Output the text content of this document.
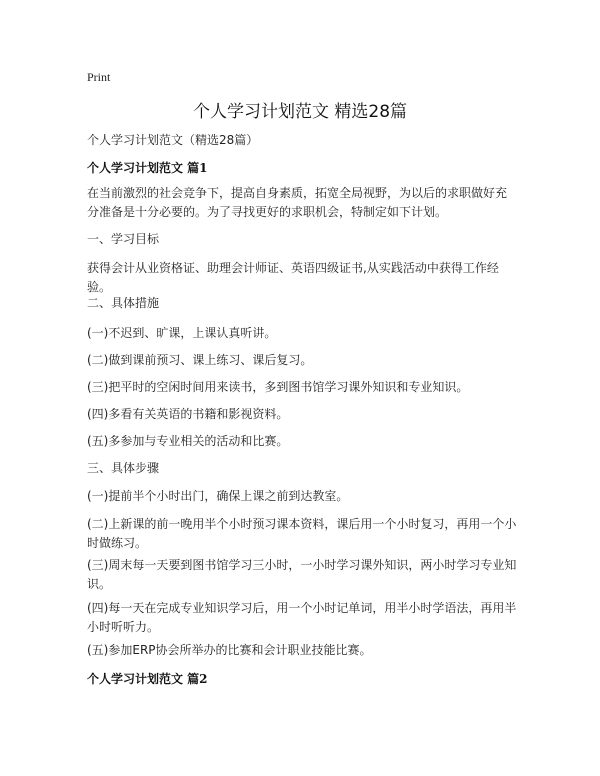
Print
个人学习计划范文 精选28篇
个人学习计划范文（精选28篇）
个人学习计划范文 篇1
在当前激烈的社会竞争下，提高自身素质，拓宽全局视野，为以后的求职做好充分准备是十分必要的。为了寻找更好的求职机会，特制定如下计划。
一、学习目标
获得会计从业资格证、助理会计师证、英语四级证书,从实践活动中获得工作经验。
二、具体措施
(一)不迟到、旷课，上课认真听讲。
(二)做到课前预习、课上练习、课后复习。
(三)把平时的空闲时间用来读书，多到图书馆学习课外知识和专业知识。
(四)多看有关英语的书籍和影视资料。
(五)多参加与专业相关的活动和比赛。
三、具体步骤
(一)提前半个小时出门，确保上课之前到达教室。
(二)上新课的前一晚用半个小时预习课本资料，课后用一个小时复习，再用一个小时做练习。
(三)周末每一天要到图书馆学习三小时，一小时学习课外知识，两小时学习专业知识。
(四)每一天在完成专业知识学习后，用一个小时记单词，用半小时学语法，再用半小时听听力。
(五)参加ERP协会所举办的比赛和会计职业技能比赛。
个人学习计划范文 篇2
